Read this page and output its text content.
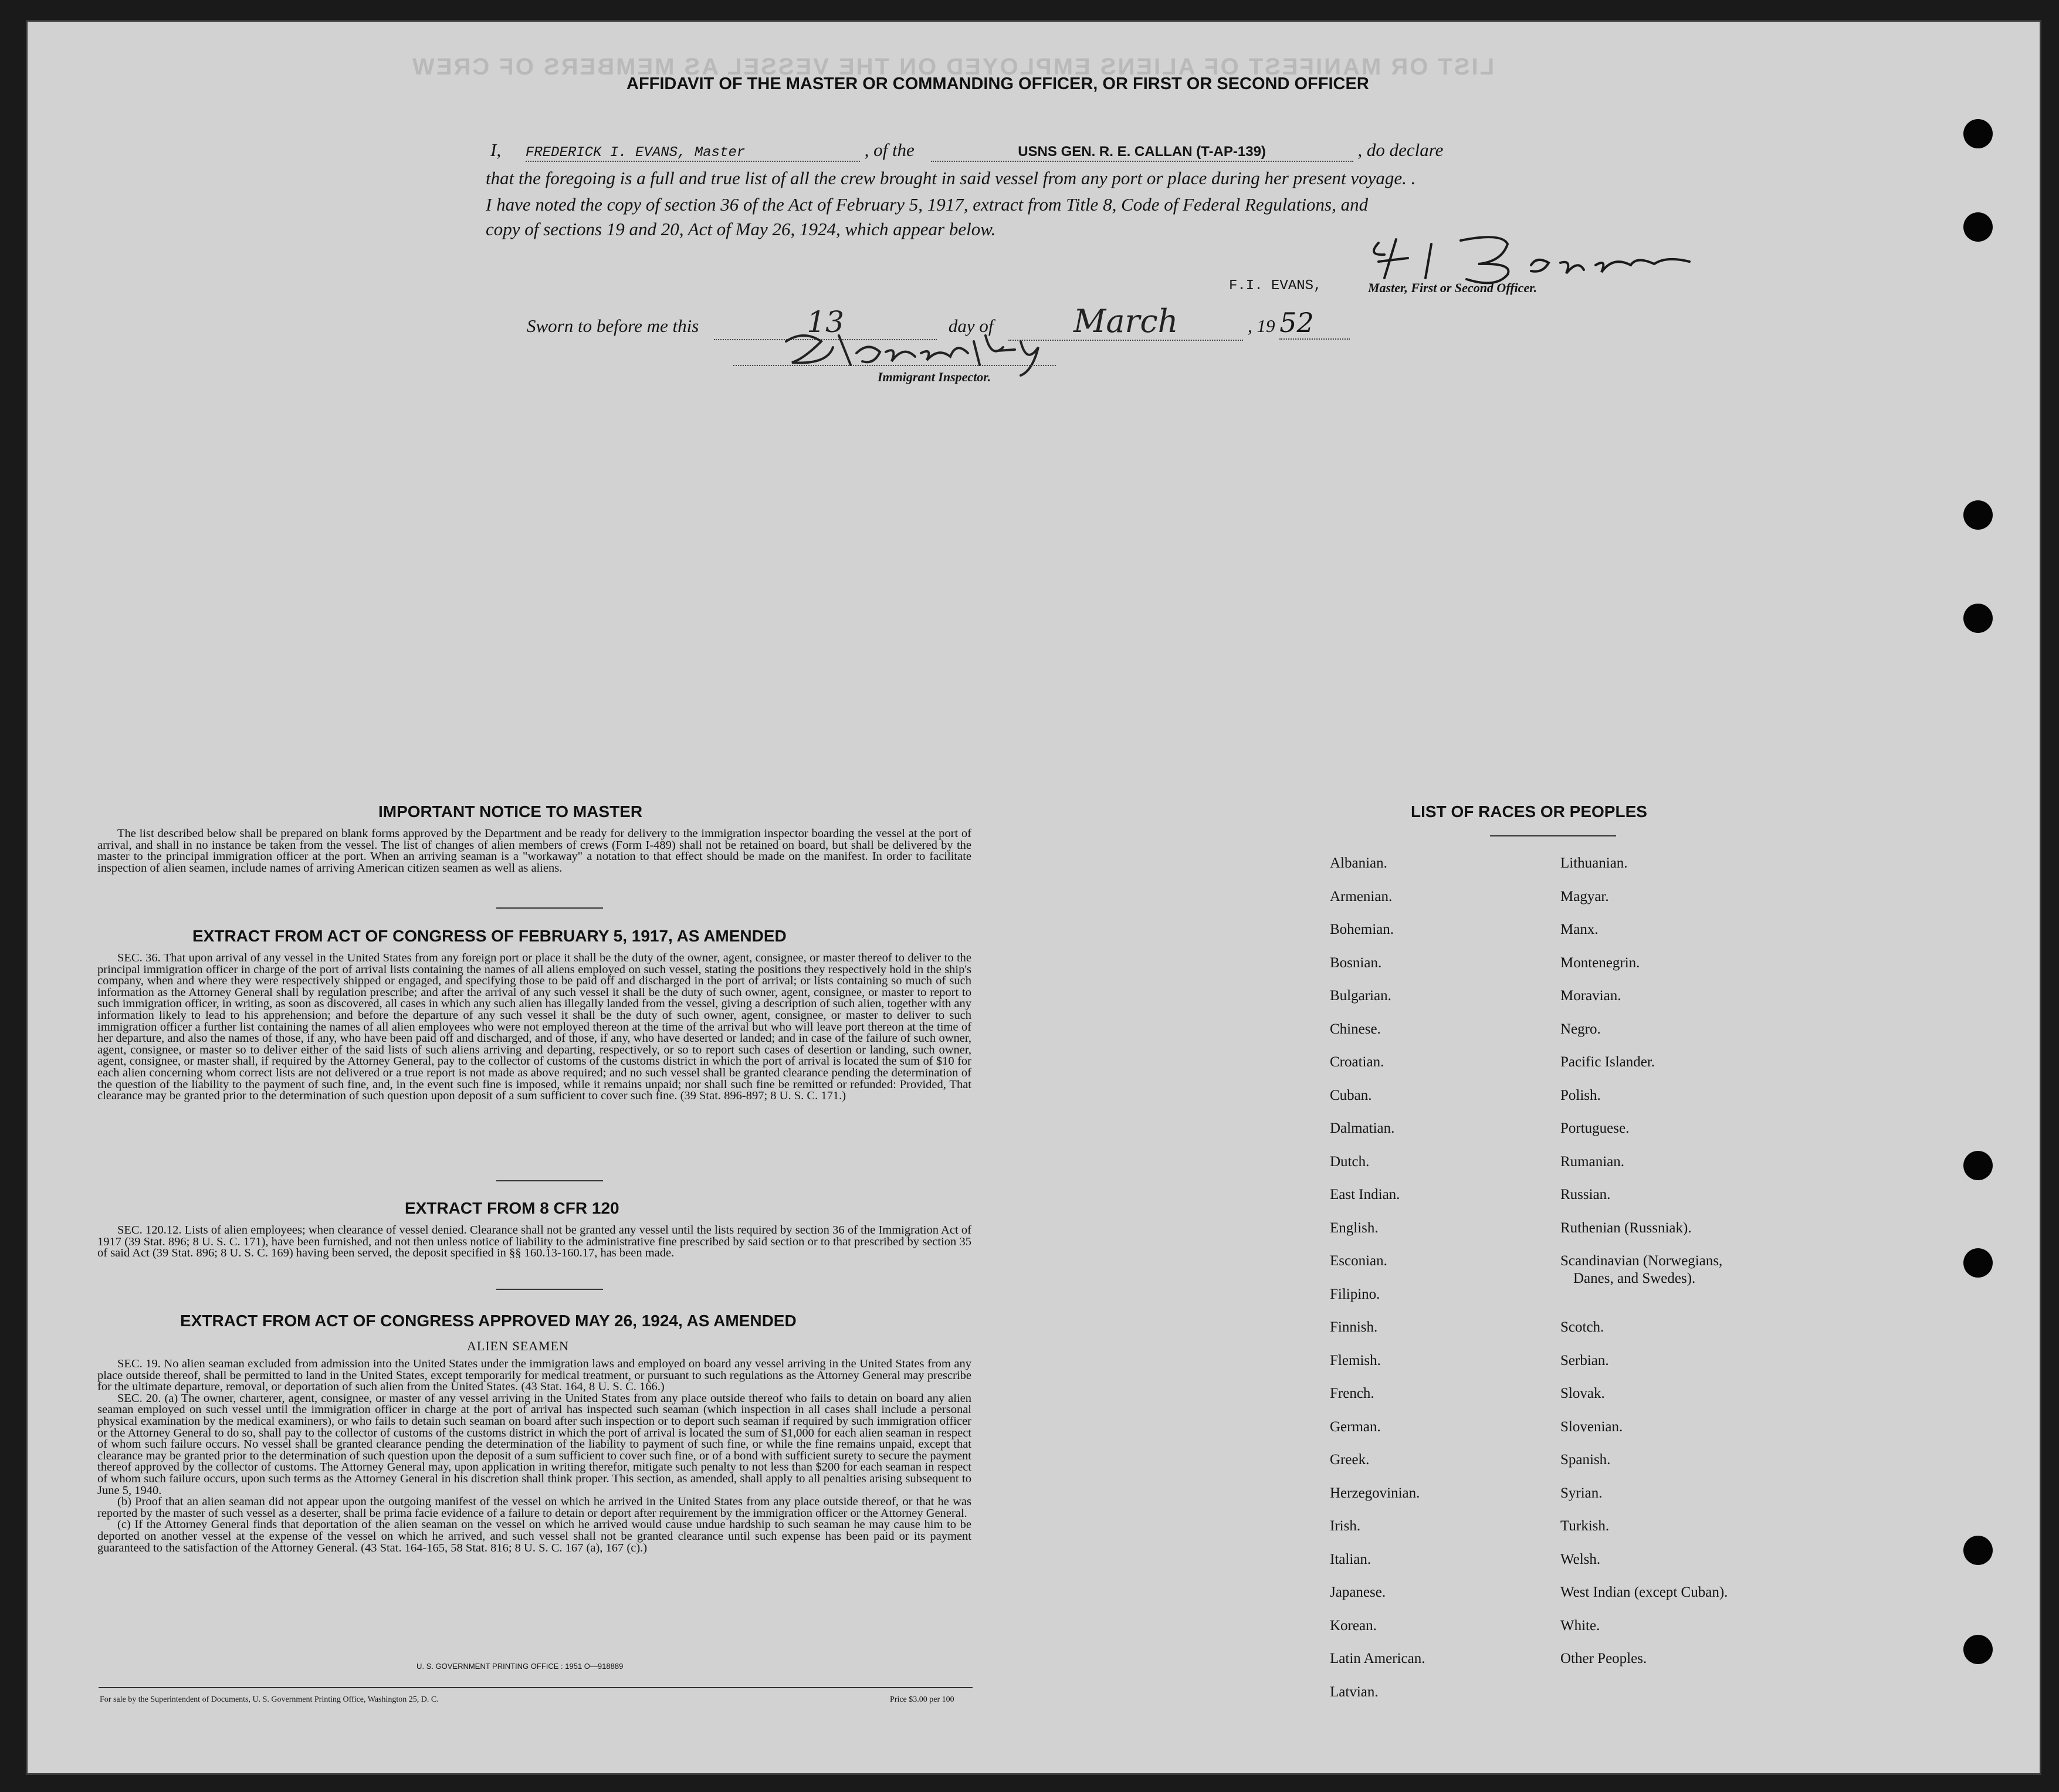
LIST OR MANIFEST OF ALIENS EMPLOYED ON THE VESSEL AS MEMBERS OF CREW
AFFIDAVIT OF THE MASTER OR COMMANDING OFFICER, OR FIRST OR SECOND OFFICER
I, FREDERICK I. EVANS, Master	, of the	USNS GEN. R. E. CALLAN (T-AP-139)	, do declare
that the foregoing is a full and true list of all the crew brought in said vessel from any port or place during her present voyage. .
I have noted the copy of section 36 of the Act of February 5, 1917, extract from Title 8, Code of Federal Regulations, and
copy of sections 19 and 20, Act of May 26, 1924, which appear below.
F.I. EVANS,	Master, First or Second Officer.
Sworn to before me this	13	day of	March	, 19 52
Immigrant Inspector.
IMPORTANT NOTICE TO MASTER
The list described below shall be prepared on blank forms approved by the Department and be ready for delivery to the immigration inspector boarding the vessel at the port of arrival, and shall in no instance be taken from the vessel. The list of changes of alien members of crews (Form I-489) shall not be retained on board, but shall be delivered by the master to the principal immigration officer at the port. When an arriving seaman is a "workaway" a notation to that effect should be made on the manifest. In order to facilitate inspection of alien seamen, include names of arriving American citizen seamen as well as aliens.
EXTRACT FROM ACT OF CONGRESS OF FEBRUARY 5, 1917, AS AMENDED
SEC. 36. That upon arrival of any vessel in the United States from any foreign port or place it shall be the duty of the owner, agent, consignee, or master thereof to deliver to the principal immigration officer in charge of the port of arrival lists containing the names of all aliens employed on such vessel, stating the positions they respectively hold in the ship's company, when and where they were respectively shipped or engaged, and specifying those to be paid off and discharged in the port of arrival; or lists containing so much of such information as the Attorney General shall by regulation prescribe; and after the arrival of any such vessel it shall be the duty of such owner, agent, consignee, or master to report to such immigration officer, in writing, as soon as discovered, all cases in which any such alien has illegally landed from the vessel, giving a description of such alien, together with any information likely to lead to his apprehension; and before the departure of any such vessel it shall be the duty of such owner, agent, consignee, or master to deliver to such immigration officer a further list containing the names of all alien employees who were not employed thereon at the time of the arrival but who will leave port thereon at the time of her departure, and also the names of those, if any, who have been paid off and discharged, and of those, if any, who have deserted or landed; and in case of the failure of such owner, agent, consignee, or master so to deliver either of the said lists of such aliens arriving and departing, respectively, or so to report such cases of desertion or landing, such owner, agent, consignee, or master shall, if required by the Attorney General, pay to the collector of customs of the customs district in which the port of arrival is located the sum of $10 for each alien concerning whom correct lists are not delivered or a true report is not made as above required; and no such vessel shall be granted clearance pending the determination of the question of the liability to the payment of such fine, and, in the event such fine is imposed, while it remains unpaid; nor shall such fine be remitted or refunded: Provided, That clearance may be granted prior to the determination of such question upon deposit of a sum sufficient to cover such fine. (39 Stat. 896-897; 8 U. S. C. 171.)
EXTRACT FROM 8 CFR 120
SEC. 120.12. Lists of alien employees; when clearance of vessel denied. Clearance shall not be granted any vessel until the lists required by section 36 of the Immigration Act of 1917 (39 Stat. 896; 8 U. S. C. 171), have been furnished, and not then unless notice of liability to the administrative fine prescribed by said section or to that prescribed by section 35 of said Act (39 Stat. 896; 8 U. S. C. 169) having been served, the deposit specified in §§ 160.13-160.17, has been made.
EXTRACT FROM ACT OF CONGRESS APPROVED MAY 26, 1924, AS AMENDED
ALIEN SEAMEN
SEC. 19. No alien seaman excluded from admission into the United States under the immigration laws and employed on board any vessel arriving in the United States from any place outside thereof, shall be permitted to land in the United States, except temporarily for medical treatment, or pursuant to such regulations as the Attorney General may prescribe for the ultimate departure, removal, or deportation of such alien from the United States. (43 Stat. 164, 8 U. S. C. 166.)
SEC. 20. (a) The owner, charterer, agent, consignee, or master of any vessel arriving in the United States from any place outside thereof who fails to detain on board any alien seaman employed on such vessel until the immigration officer in charge at the port of arrival has inspected such seaman (which inspection in all cases shall include a personal physical examination by the medical examiners), or who fails to detain such seaman on board after such inspection or to deport such seaman if required by such immigration officer or the Attorney General to do so, shall pay to the collector of customs of the customs district in which the port of arrival is located the sum of $1,000 for each alien seaman in respect of whom such failure occurs. No vessel shall be granted clearance pending the determination of the liability to payment of such fine, or while the fine remains unpaid, except that clearance may be granted prior to the determination of such question upon the deposit of a sum sufficient to cover such fine, or of a bond with sufficient surety to secure the payment thereof approved by the collector of customs. The Attorney General may, upon application in writing therefor, mitigate such penalty to not less than $200 for each seaman in respect of whom such failure occurs, upon such terms as the Attorney General in his discretion shall think proper. This section, as amended, shall apply to all penalties arising subsequent to June 5, 1940.
(b) Proof that an alien seaman did not appear upon the outgoing manifest of the vessel on which he arrived in the United States from any place outside thereof, or that he was reported by the master of such vessel as a deserter, shall be prima facie evidence of a failure to detain or deport after requirement by the immigration officer or the Attorney General.
(c) If the Attorney General finds that deportation of the alien seaman on the vessel on which he arrived would cause undue hardship to such seaman he may cause him to be deported on another vessel at the expense of the vessel on which he arrived, and such vessel shall not be granted clearance until such expense has been paid or its payment guaranteed to the satisfaction of the Attorney General. (43 Stat. 164-165, 58 Stat. 816; 8 U. S. C. 167 (a), 167 (c).)
U. S. GOVERNMENT PRINTING OFFICE : 1951 O—918889
For sale by the Superintendent of Documents, U. S. Government Printing Office, Washington 25, D. C.	Price $3.00 per 100
LIST OF RACES OR PEOPLES
Albanian.
Armenian.
Bohemian.
Bosnian.
Bulgarian.
Chinese.
Croatian.
Cuban.
Dalmatian.
Dutch.
East Indian.
English.
Esconian.
Filipino.
Finnish.
Flemish.
French.
German.
Greek.
Herzegovinian.
Irish.
Italian.
Japanese.
Korean.
Latin American.
Latvian.
Lithuanian.
Magyar.
Manx.
Montenegrin.
Moravian.
Negro.
Pacific Islander.
Polish.
Portuguese.
Rumanian.
Russian.
Ruthenian (Russniak).
Scandinavian (Norwegians,
Danes, and Swedes).
Scotch.
Serbian.
Slovak.
Slovenian.
Spanish.
Syrian.
Turkish.
Welsh.
West Indian (except Cuban).
White.
Other Peoples.
